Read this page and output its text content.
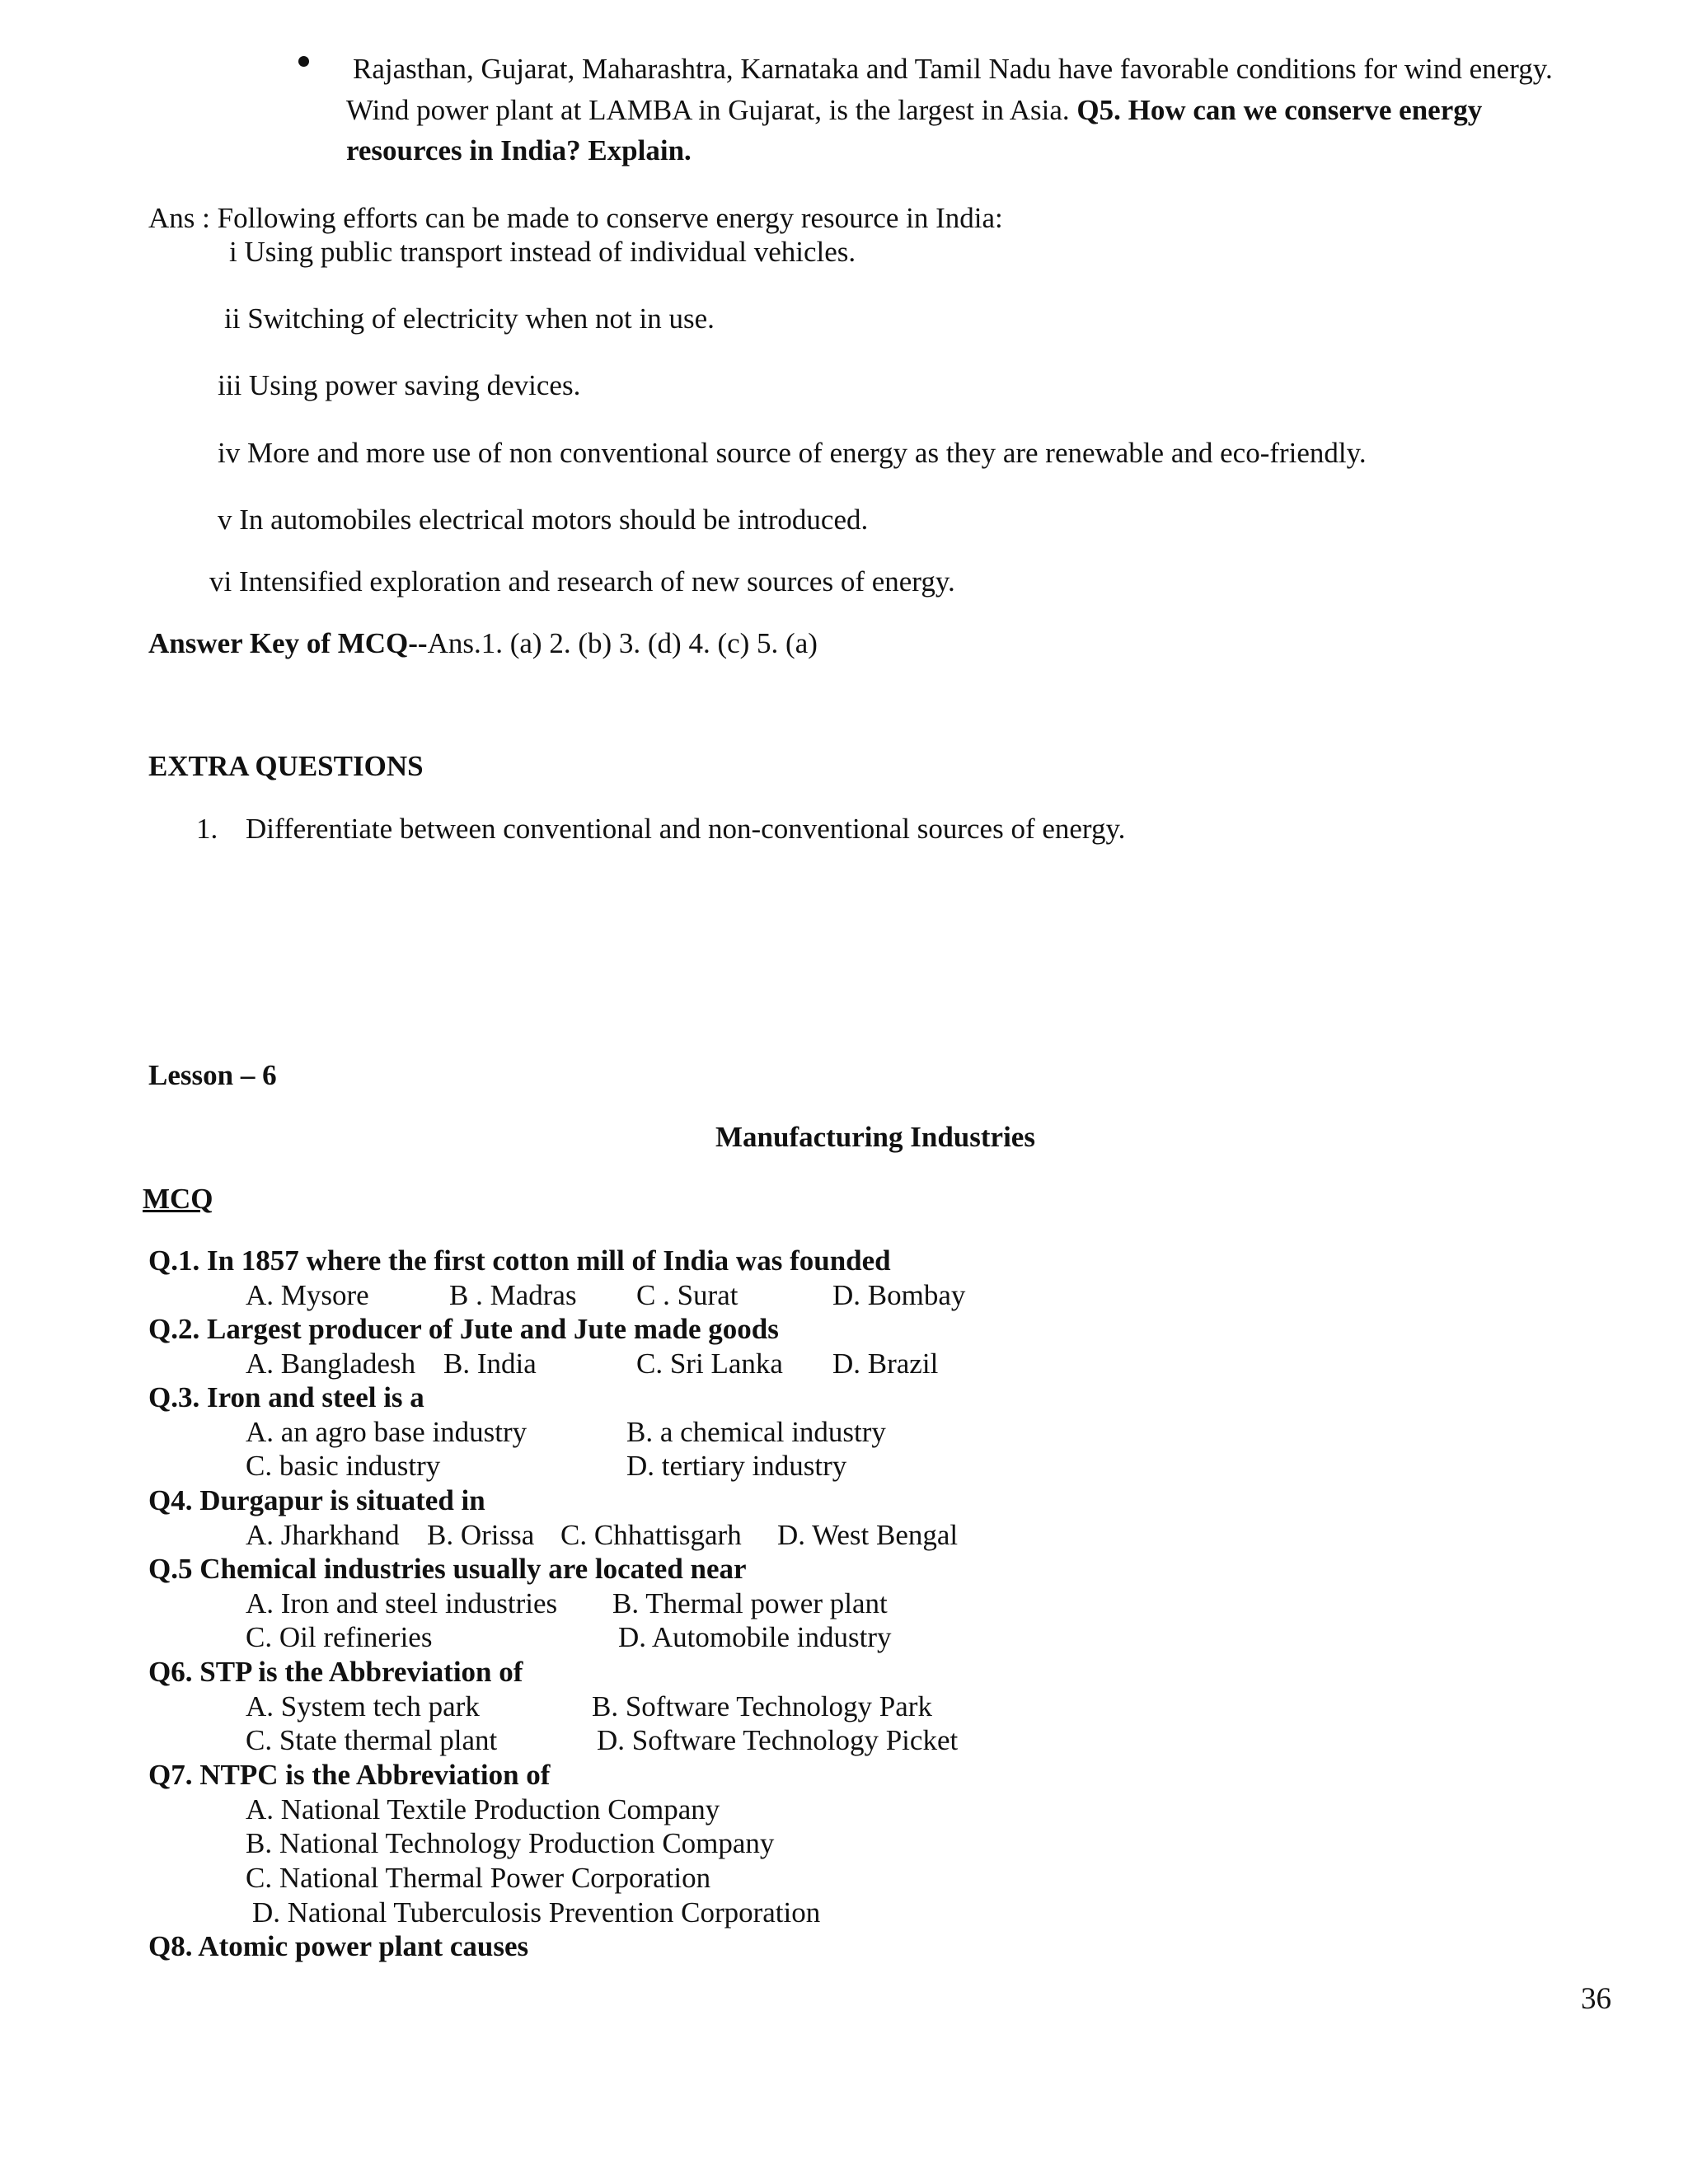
Rajasthan, Gujarat, Maharashtra, Karnataka and Tamil Nadu have favorable conditions for wind energy.
Wind power plant at LAMBA in Gujarat, is the largest in Asia. Q5. How can we conserve energy
resources in India? Explain.
Ans : Following efforts can be made to conserve energy resource in India:
i Using public transport instead of individual vehicles.
ii Switching of electricity when not in use.
iii Using power saving devices.
iv More and more use of non conventional source of energy as they are renewable and eco-friendly.
v In automobiles electrical motors should be introduced.
vi Intensified exploration and research of new sources of energy.
Answer Key of MCQ--Ans.1. (a) 2. (b) 3. (d) 4. (c) 5. (a)
EXTRA QUESTIONS
1. Differentiate between conventional and non-conventional sources of energy.
Lesson – 6
Manufacturing Industries
MCQ
Q.1. In 1857 where the first cotton mill of India was founded
A. Mysore	B . Madras C . Surat	D. Bombay
Q.2. Largest producer of Jute and Jute made goods
A. Bangladesh B. India	C. Sri Lanka D. Brazil
Q.3. Iron and steel is a
A. an agro base industry	B. a chemical industry
C. basic industry	D. tertiary industry
Q4. Durgapur is situated in
A. Jharkhand B. Orissa C. Chhattisgarh D. West Bengal
Q.5 Chemical industries usually are located near
A. Iron and steel industries B. Thermal power plant
C. Oil refineries	D. Automobile industry
Q6. STP is the Abbreviation of
A. System tech park	B. Software Technology Park
C. State thermal plant	D. Software Technology Picket
Q7. NTPC is the Abbreviation of
A. National Textile Production Company
B. National Technology Production Company
C. National Thermal Power Corporation
D. National Tuberculosis Prevention Corporation
Q8. Atomic power plant causes
36
